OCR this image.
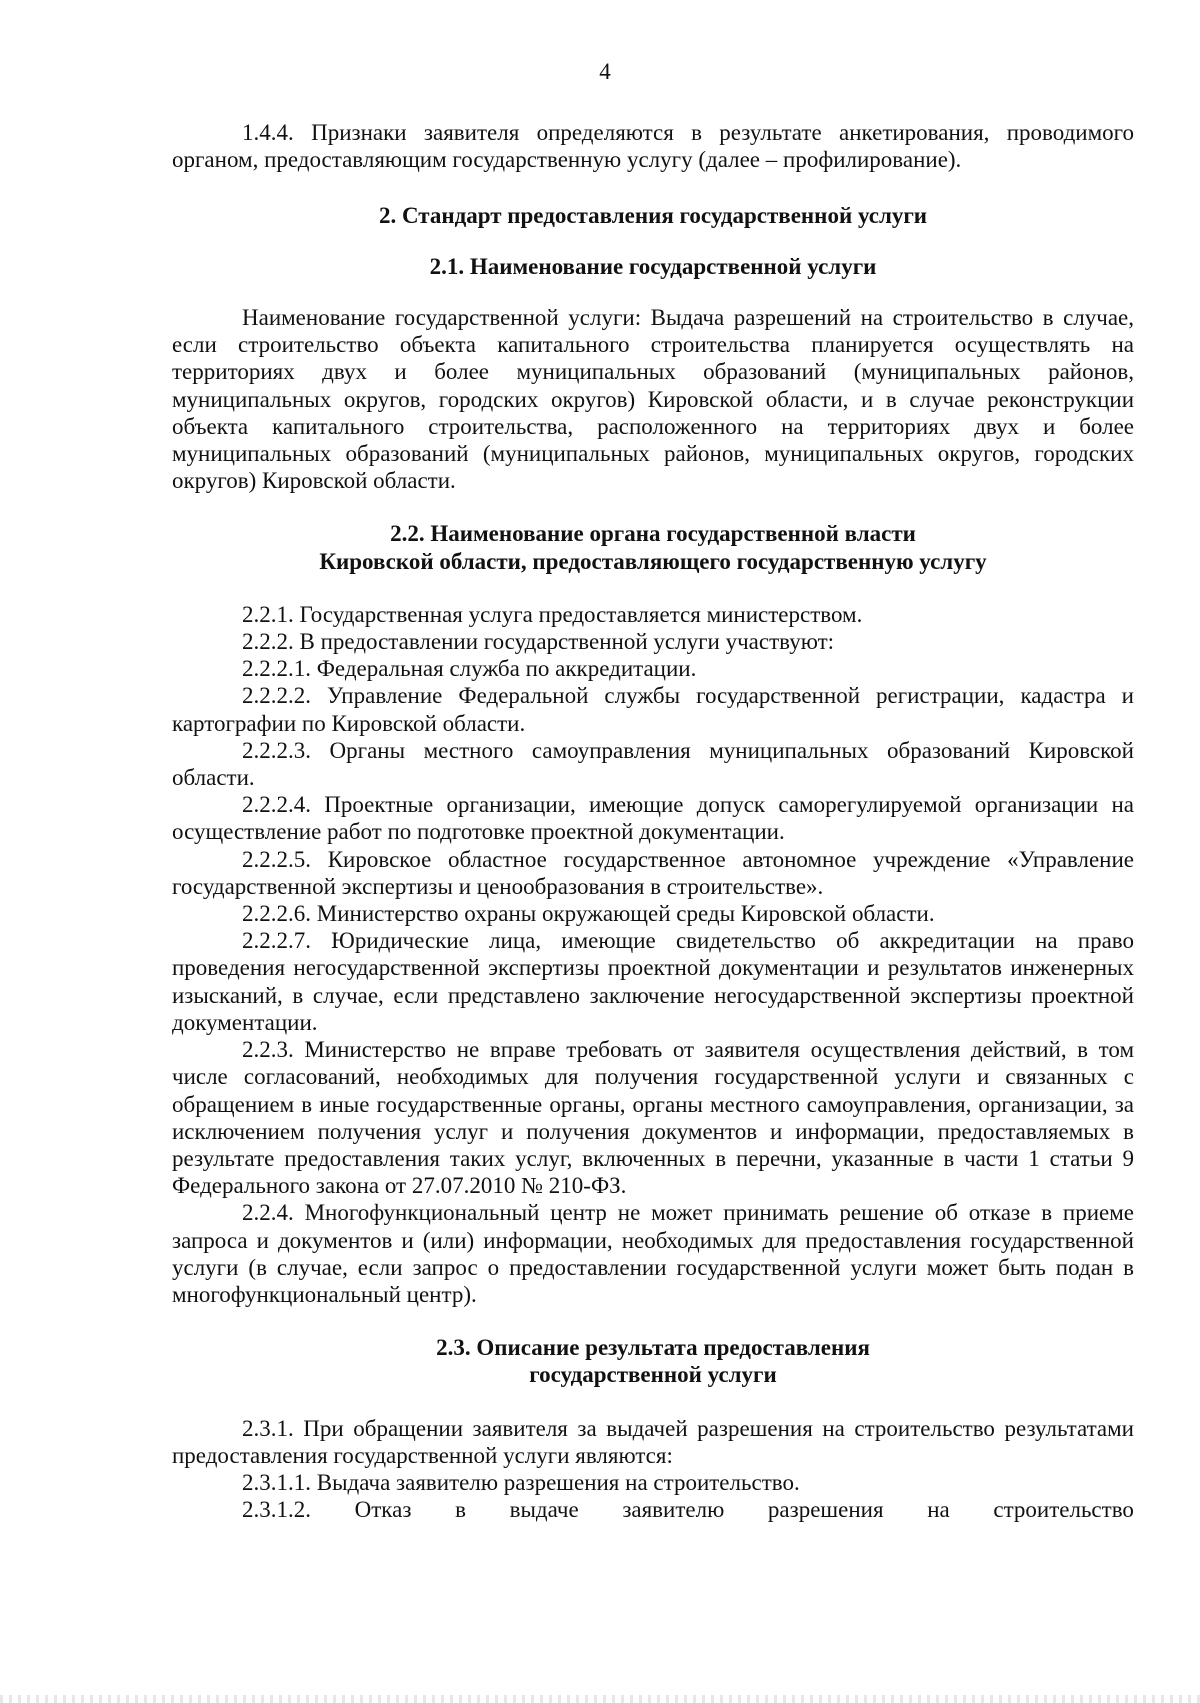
4

1.4.4. Признаки заявителя определяются в результате анкетирования, проводимого органом, предоставляющим государственную услугу (далее – профилирование).

2. Стандарт предоставления государственной услуги
2.1. Наименование государственной услуги

Наименование государственной услуги: Выдача разрешений на строительство в случае, если строительство объекта капитального строительства планируется осуществлять на территориях двух и более муниципальных образований (муниципальных районов, муниципальных округов, городских округов) Кировской области, и в случае реконструкции объекта капитального строительства, расположенного на территориях двух и более муниципальных образований (муниципальных районов, муниципальных округов, городских округов) Кировской области.

2.2. Наименование органа государственной власти
Кировской области, предоставляющего государственную услугу

2.2.1. Государственная услуга предоставляется министерством.

2.2.2. В предоставлении государственной услуги участвуют:

2.2.2.1. Федеральная служба по аккредитации.

2.2.2.2. Управление Федеральной службы государственной регистрации, кадастра и картографии по Кировской области.

2.2.2.3. Органы местного самоуправления муниципальных образований Кировской области.

2.2.2.4. Проектные организации, имеющие допуск саморегулируемой организации на осуществление работ по подготовке проектной документации.

2.2.2.5. Кировское областное государственное автономное учреждение «Управление государственной экспертизы и ценообразования в строительстве».

2.2.2.6. Министерство охраны окружающей среды Кировской области.

2.2.2.7. Юридические лица, имеющие свидетельство об аккредитации на право проведения негосударственной экспертизы проектной документации и результатов инженерных изысканий, в случае, если представлено заключение негосударственной экспертизы проектной документации.

2.2.3. Министерство не вправе требовать от заявителя осуществления действий, в том числе согласований, необходимых для получения государственной услуги и связанных с обращением в иные государственные органы, органы местного самоуправления, организации, за исключением получения услуг и получения документов и информации, предоставляемых в результате предоставления таких услуг, включенных в перечни, указанные в части 1 статьи 9 Федерального закона от 27.07.2010 № 210-ФЗ.

2.2.4. Многофункциональный центр не может принимать решение об отказе в приеме запроса и документов и (или) информации, необходимых для предоставления государственной услуги (в случае, если запрос о предоставлении государственной услуги может быть подан в многофункциональный центр).

2.3. Описание результата предоставления
государственной услуги

2.3.1. При обращении заявителя за выдачей разрешения на строительство результатами предоставления государственной услуги являются:

2.3.1.1. Выдача заявителю разрешения на строительство.

2.3.1.2. Отказ в выдаче заявителю разрешения на строительство
